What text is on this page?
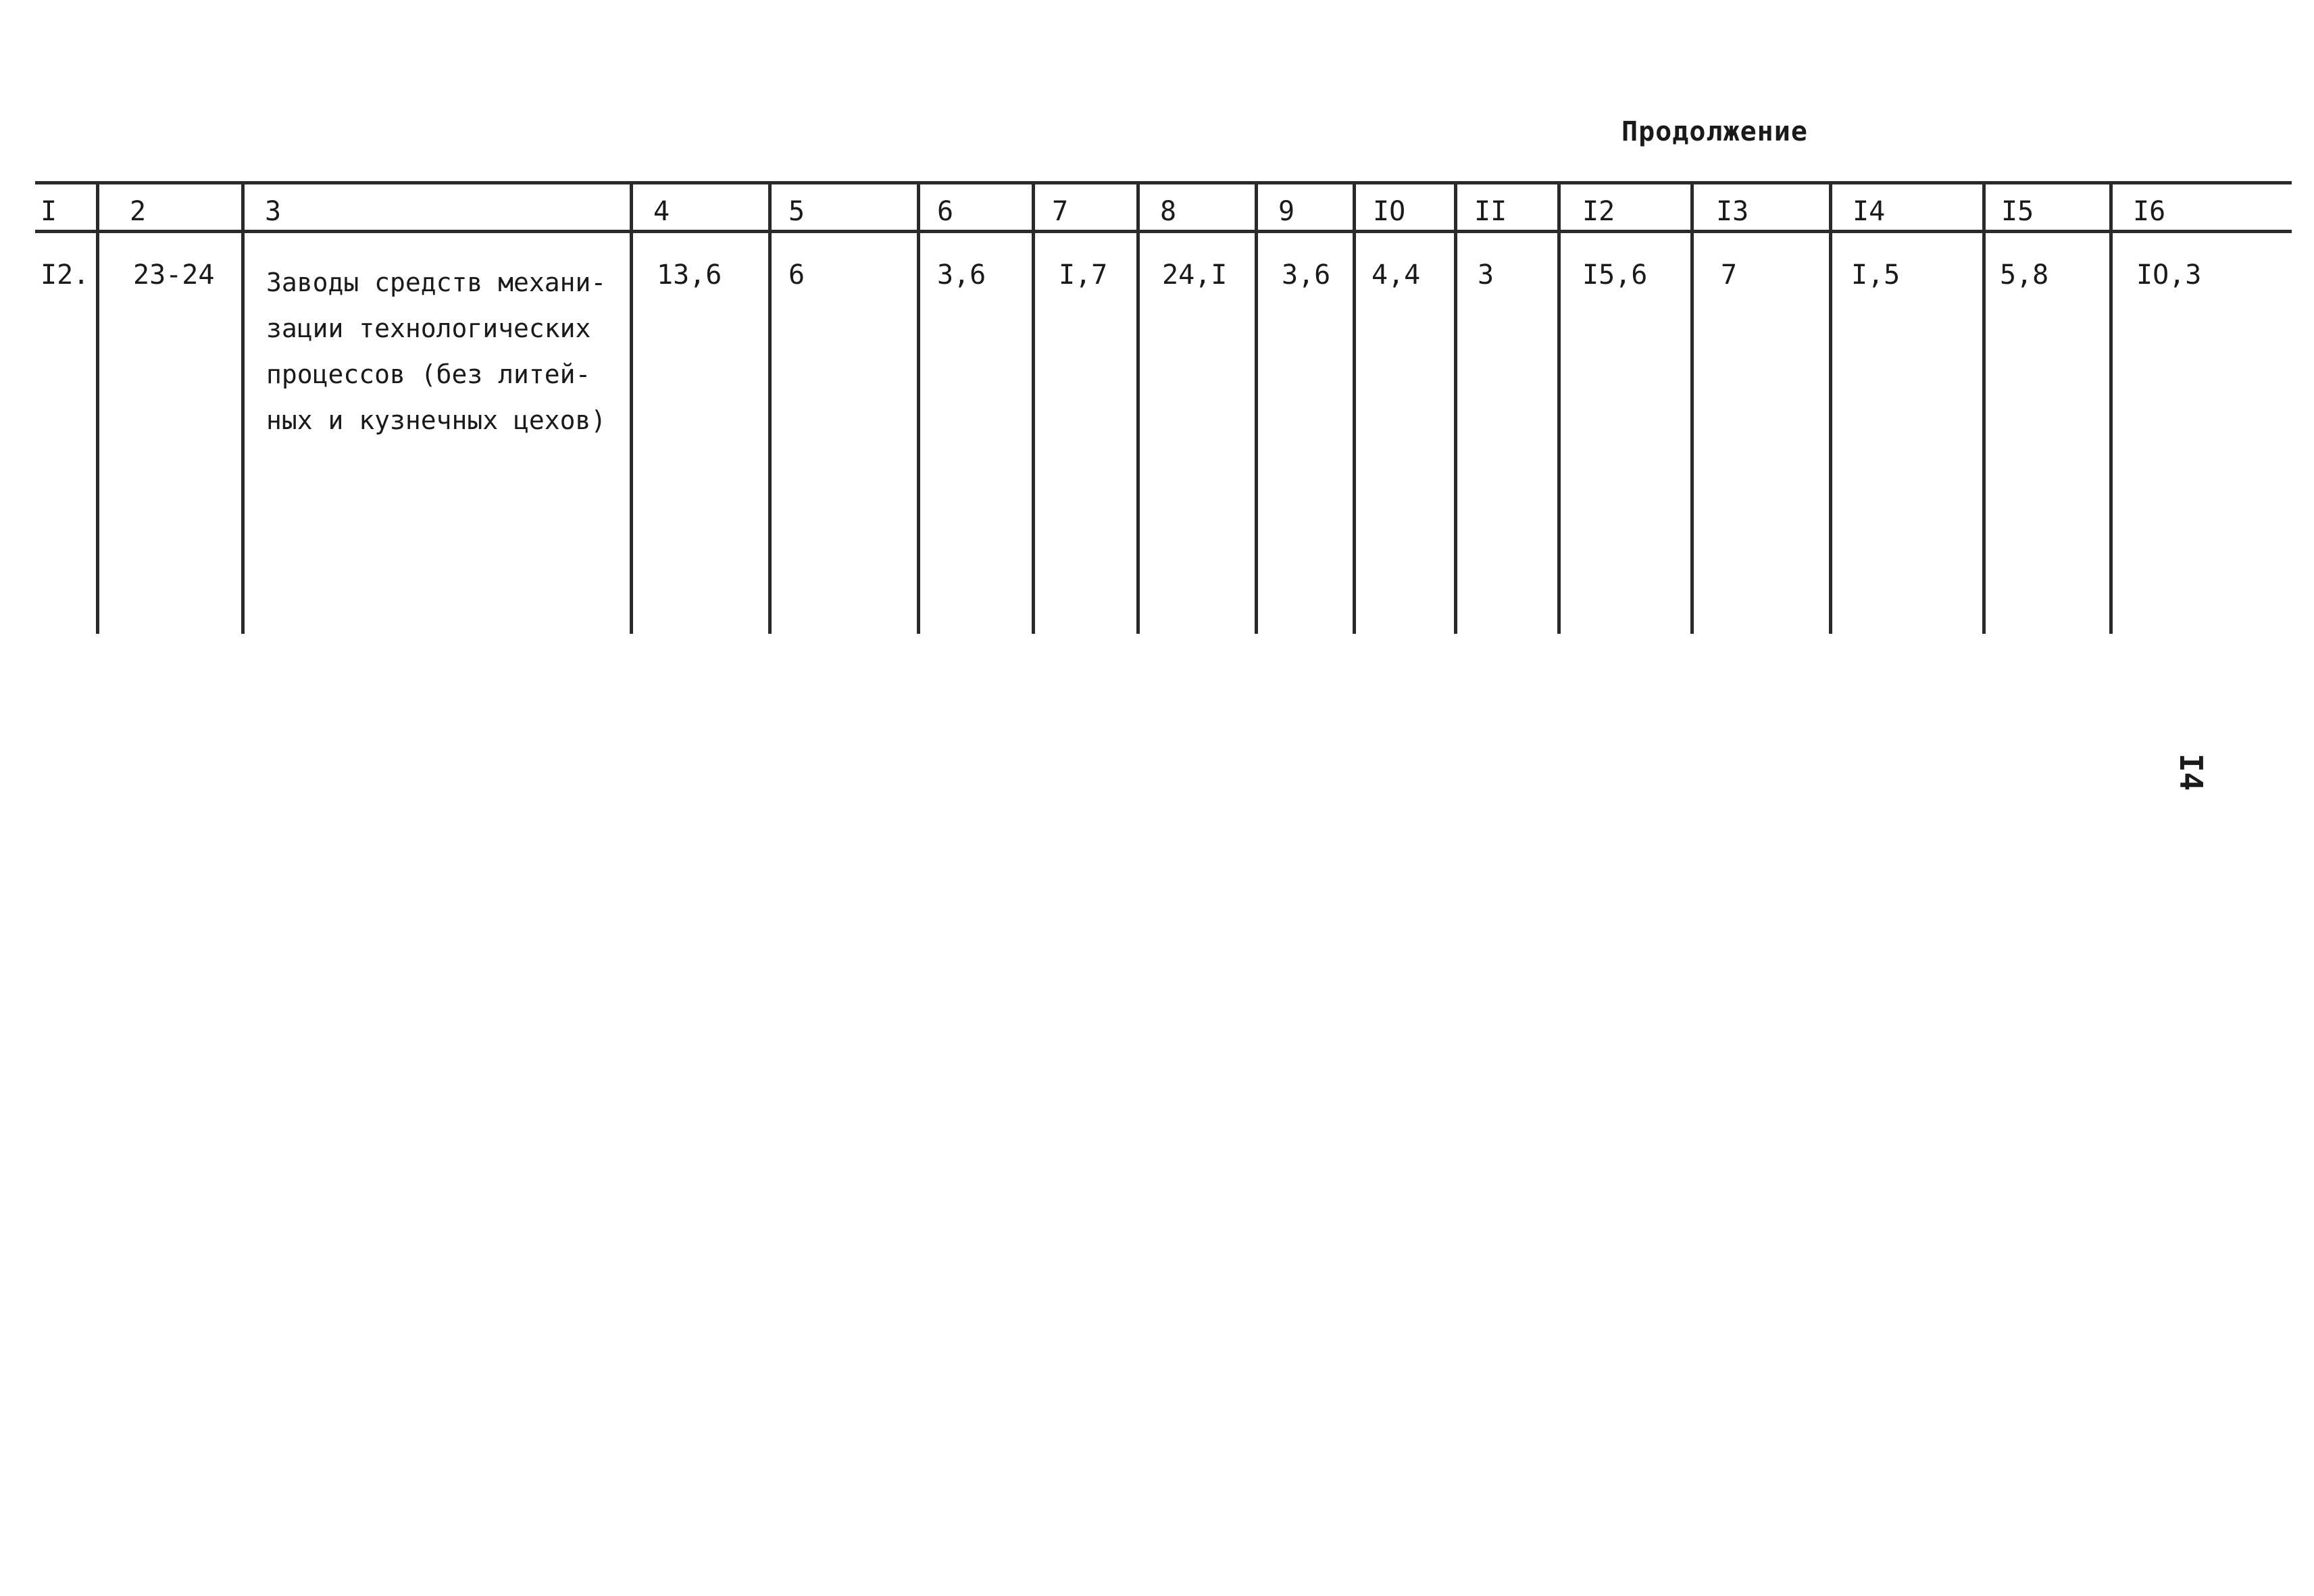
Продолжение
I	2	3	4	5	6	7	8	9	IO	II	I2	I3	I4	I5	I6
I2. 23-24 Заводы средств механи-
зации технологических
процессов (без литей-
ных и кузнечных цехов)
13,6 6	3,6	I,7 24,I 3,6 4,4 3	I5,6	7	I,5	5,8	IO,3
I4
